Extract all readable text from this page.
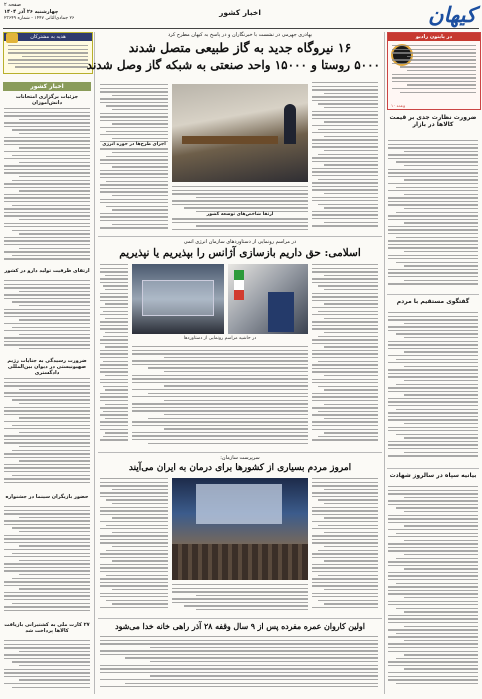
کیهان
اخبار کشور
صفحه ۲
چهارشنبه ۲۶ آذر ۱۴۰۴
۲۶ جمادی‌الثانی ۱۴۴۷ - شماره ۲۳۶۴۹
هدیه به مشترکان
اخبار کشور
جزئیات برگزاری امتحانات دانش‌آموزان
ارتقای ظرفیت تولید دارو در کشور
ضرورت رسیدگی به جنایات رژیم صهیونیستی در دیوان بین‌المللی دادگستری
حضور بازیگران سینما در جشنواره
۲۷ کارت ملی به کشتیرانی بازیافت کالاها پرداخت شد
در پایتون رادیو
وعده ۱۰
ضرورت نظارت جدی بر قیمت کالاها در بازار
گفتگوی مستقیم با مردم
بیانیه سپاه در سالروز شهادت
بهادری جهرمی در نشست با خبرنگاران و در پاسخ به کیهان مطرح کرد
۱۶ نیروگاه جدید به گاز طبیعی متصل شدند
۵۰۰۰ روستا و ۱۵۰۰۰ واحد صنعتی به شبکه گاز وصل شدند
اجرای طرح‌ها در حوزه انرژی
ارتقا شاخص‌های توسعه کشور
در مراسم رونمایی از دستاوردهای سازمان انرژی اتمی
اسلامی: حق داریم بازسازی آژانس را بپذیریم یا نپذیریم
در حاشیه مراسم رونمایی از دستاوردها
سرپرست سازمان:
امروز مردم بسیاری از کشورها برای درمان به ایران می‌آیند
اولین کاروان عمره مفرده پس از ۹ سال وقفه ۲۸ آذر راهی خانه خدا می‌شود
